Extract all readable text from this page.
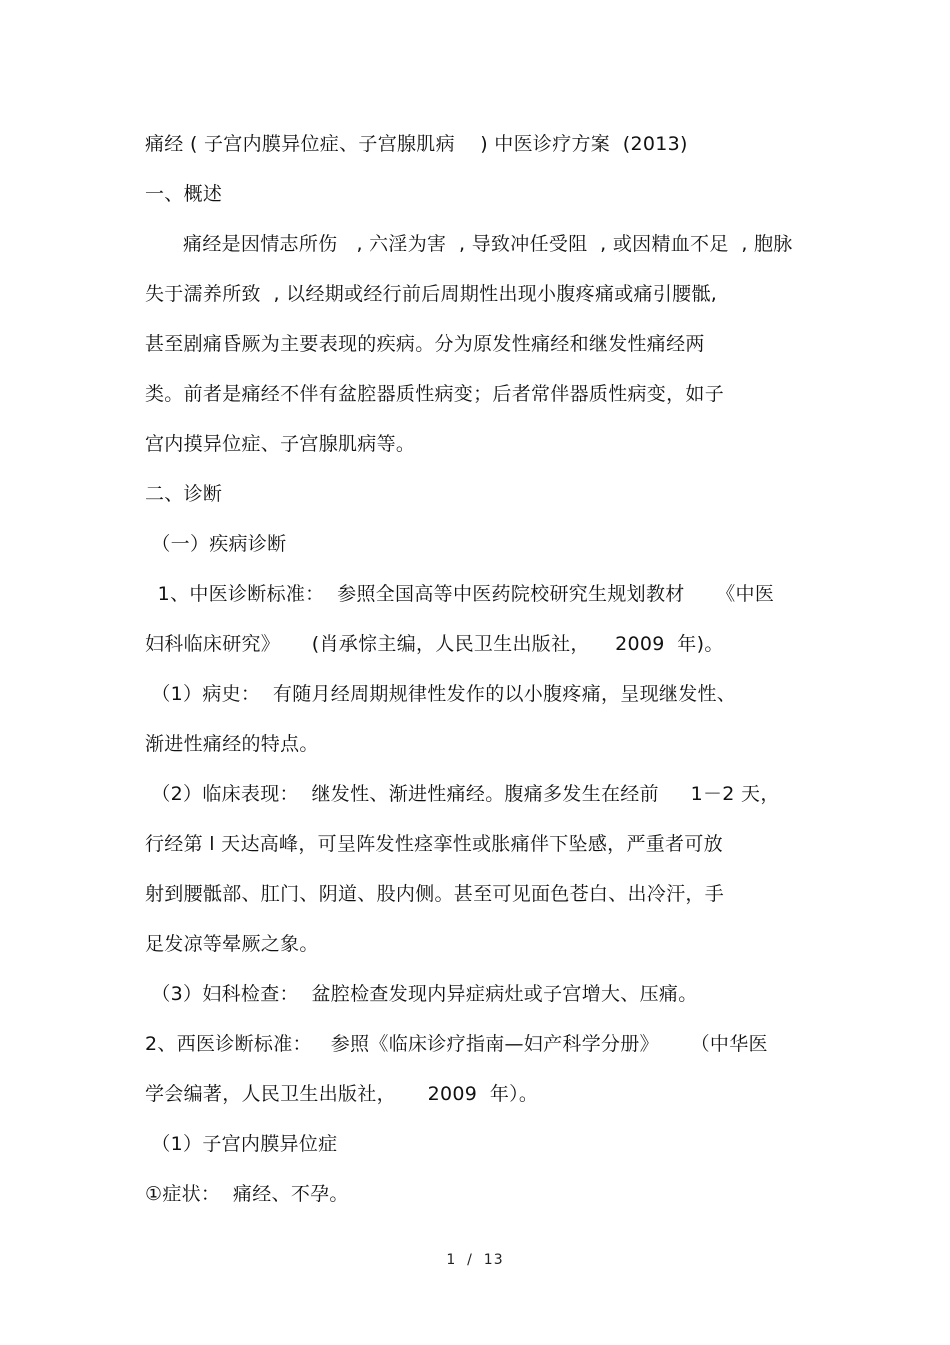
痛经 ( 子宫内膜异位症、子宫腺肌病    ) 中医诊疗方案  (2013)
一、概述
痛经是因情志所伤   , 六淫为害  , 导致冲任受阻  , 或因精血不足  , 胞脉
失于濡养所致  , 以经期或经行前后周期性出现小腹疼痛或痛引腰骶,
甚至剧痛昏厥为主要表现的疾病。分为原发性痛经和继发性痛经两
类。前者是痛经不伴有盆腔器质性病变；后者常伴器质性病变，如子
宫内摸异位症、子宫腺肌病等。
二、诊断
（一）疾病诊断
1、中医诊断标准：  参照全国高等中医药院校研究生规划教材     《中医
妇科临床研究》     (肖承悰主编，人民卫生出版社，    2009  年)。
（1）病史：  有随月经周期规律性发作的以小腹疼痛，呈现继发性、
渐进性痛经的特点。
（2）临床表现：  继发性、渐进性痛经。腹痛多发生在经前     1－2 天，
行经第 l 天达高峰，可呈阵发性痉挛性或胀痛伴下坠感，严重者可放
射到腰骶部、肛门、阴道、股内侧。甚至可见面色苍白、出冷汗，手
足发凉等晕厥之象。
（3）妇科检查：  盆腔检查发现内异症病灶或子宫增大、压痛。
2、西医诊断标准：   参照《临床诊疗指南—妇产科学分册》     （中华医
学会编著，人民卫生出版社，     2009  年）。
（1）子宫内膜异位症
①症状：  痛经、不孕。
1  /  13
